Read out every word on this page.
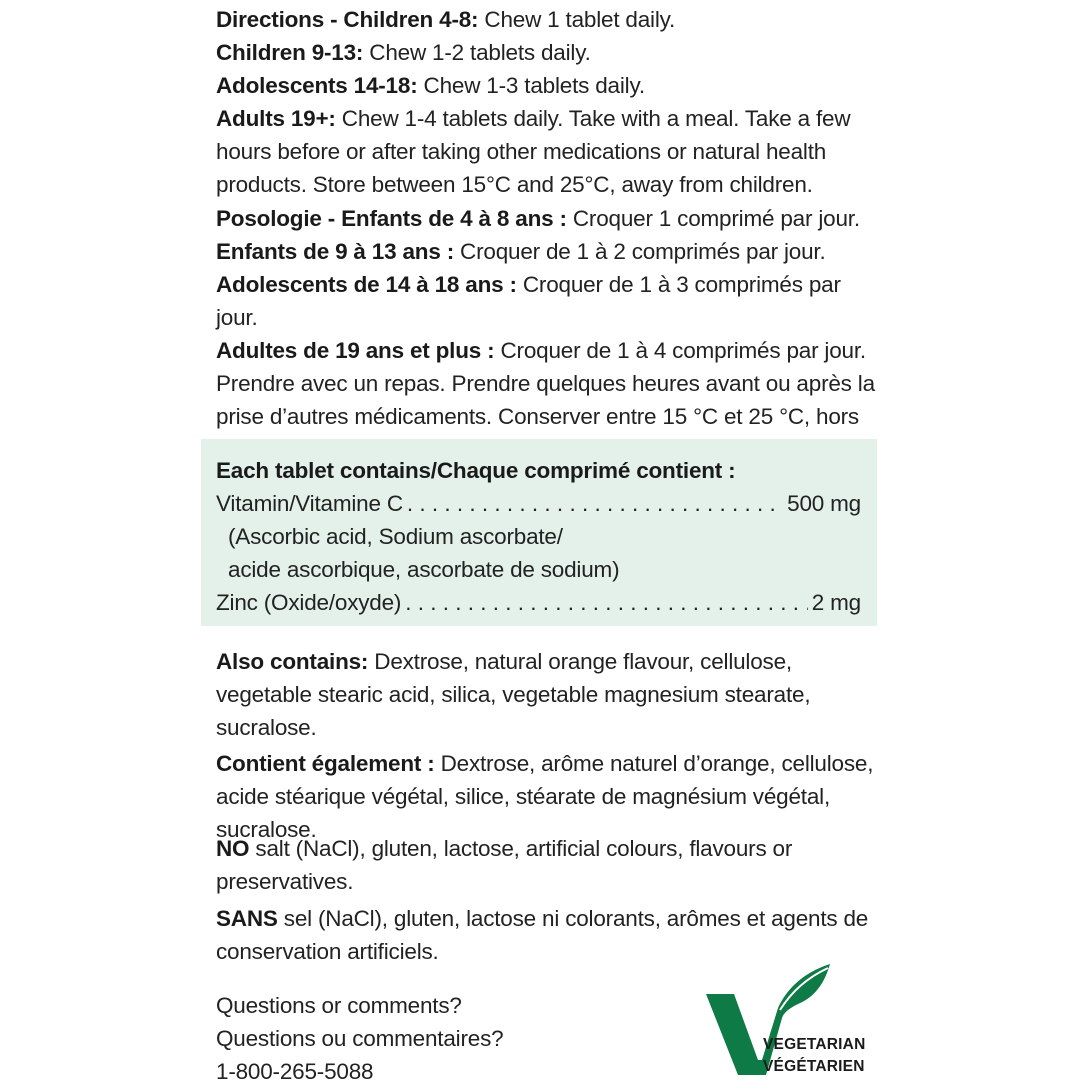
Directions - Children 4-8: Chew 1 tablet daily.

Children 9-13: Chew 1-2 tablets daily.

Adolescents 14-18: Chew 1-3 tablets daily.

Adults 19+: Chew 1-4 tablets daily. Take with a meal. Take a few hours before or after taking other medications or natural health products. Store between 15°C and 25°C, away from children.

Posologie - Enfants de 4 à 8 ans : Croquer 1 comprimé par jour.

Enfants de 9 à 13 ans : Croquer de 1 à 2 comprimés par jour.

Adolescents de 14 à 18 ans : Croquer de 1 à 3 comprimés par jour.

Adultes de 19 ans et plus : Croquer de 1 à 4 comprimés par jour. Prendre avec un repas. Prendre quelques heures avant ou après la prise d’autres médicaments. Conserver entre 15 °C et 25 °C, hors

Each tablet contains/Chaque comprimé contient :

Vitamin/Vitamine C . . .	500 mg

(Ascorbic acid, Sodium ascorbate/

acide ascorbique, ascorbate de sodium)

Zinc (Oxide/oxyde) . . .	2 mg

Also contains: Dextrose, natural orange flavour, cellulose, vegetable stearic acid, silica, vegetable magnesium stearate, sucralose.

Contient également : Dextrose, arôme naturel d’orange, cellulose, acide stéarique végétal, silice, stéarate de magnésium végétal, sucralose.

NO salt (NaCl), gluten, lactose, artificial colours, flavours or preservatives.

SANS sel (NaCl), gluten, lactose ni colorants, arômes et agents de conservation artificiels.

Questions or comments?

Questions ou commentaires?

1-800-265-5088

VEGETARIAN
VÉGÉTARIEN
